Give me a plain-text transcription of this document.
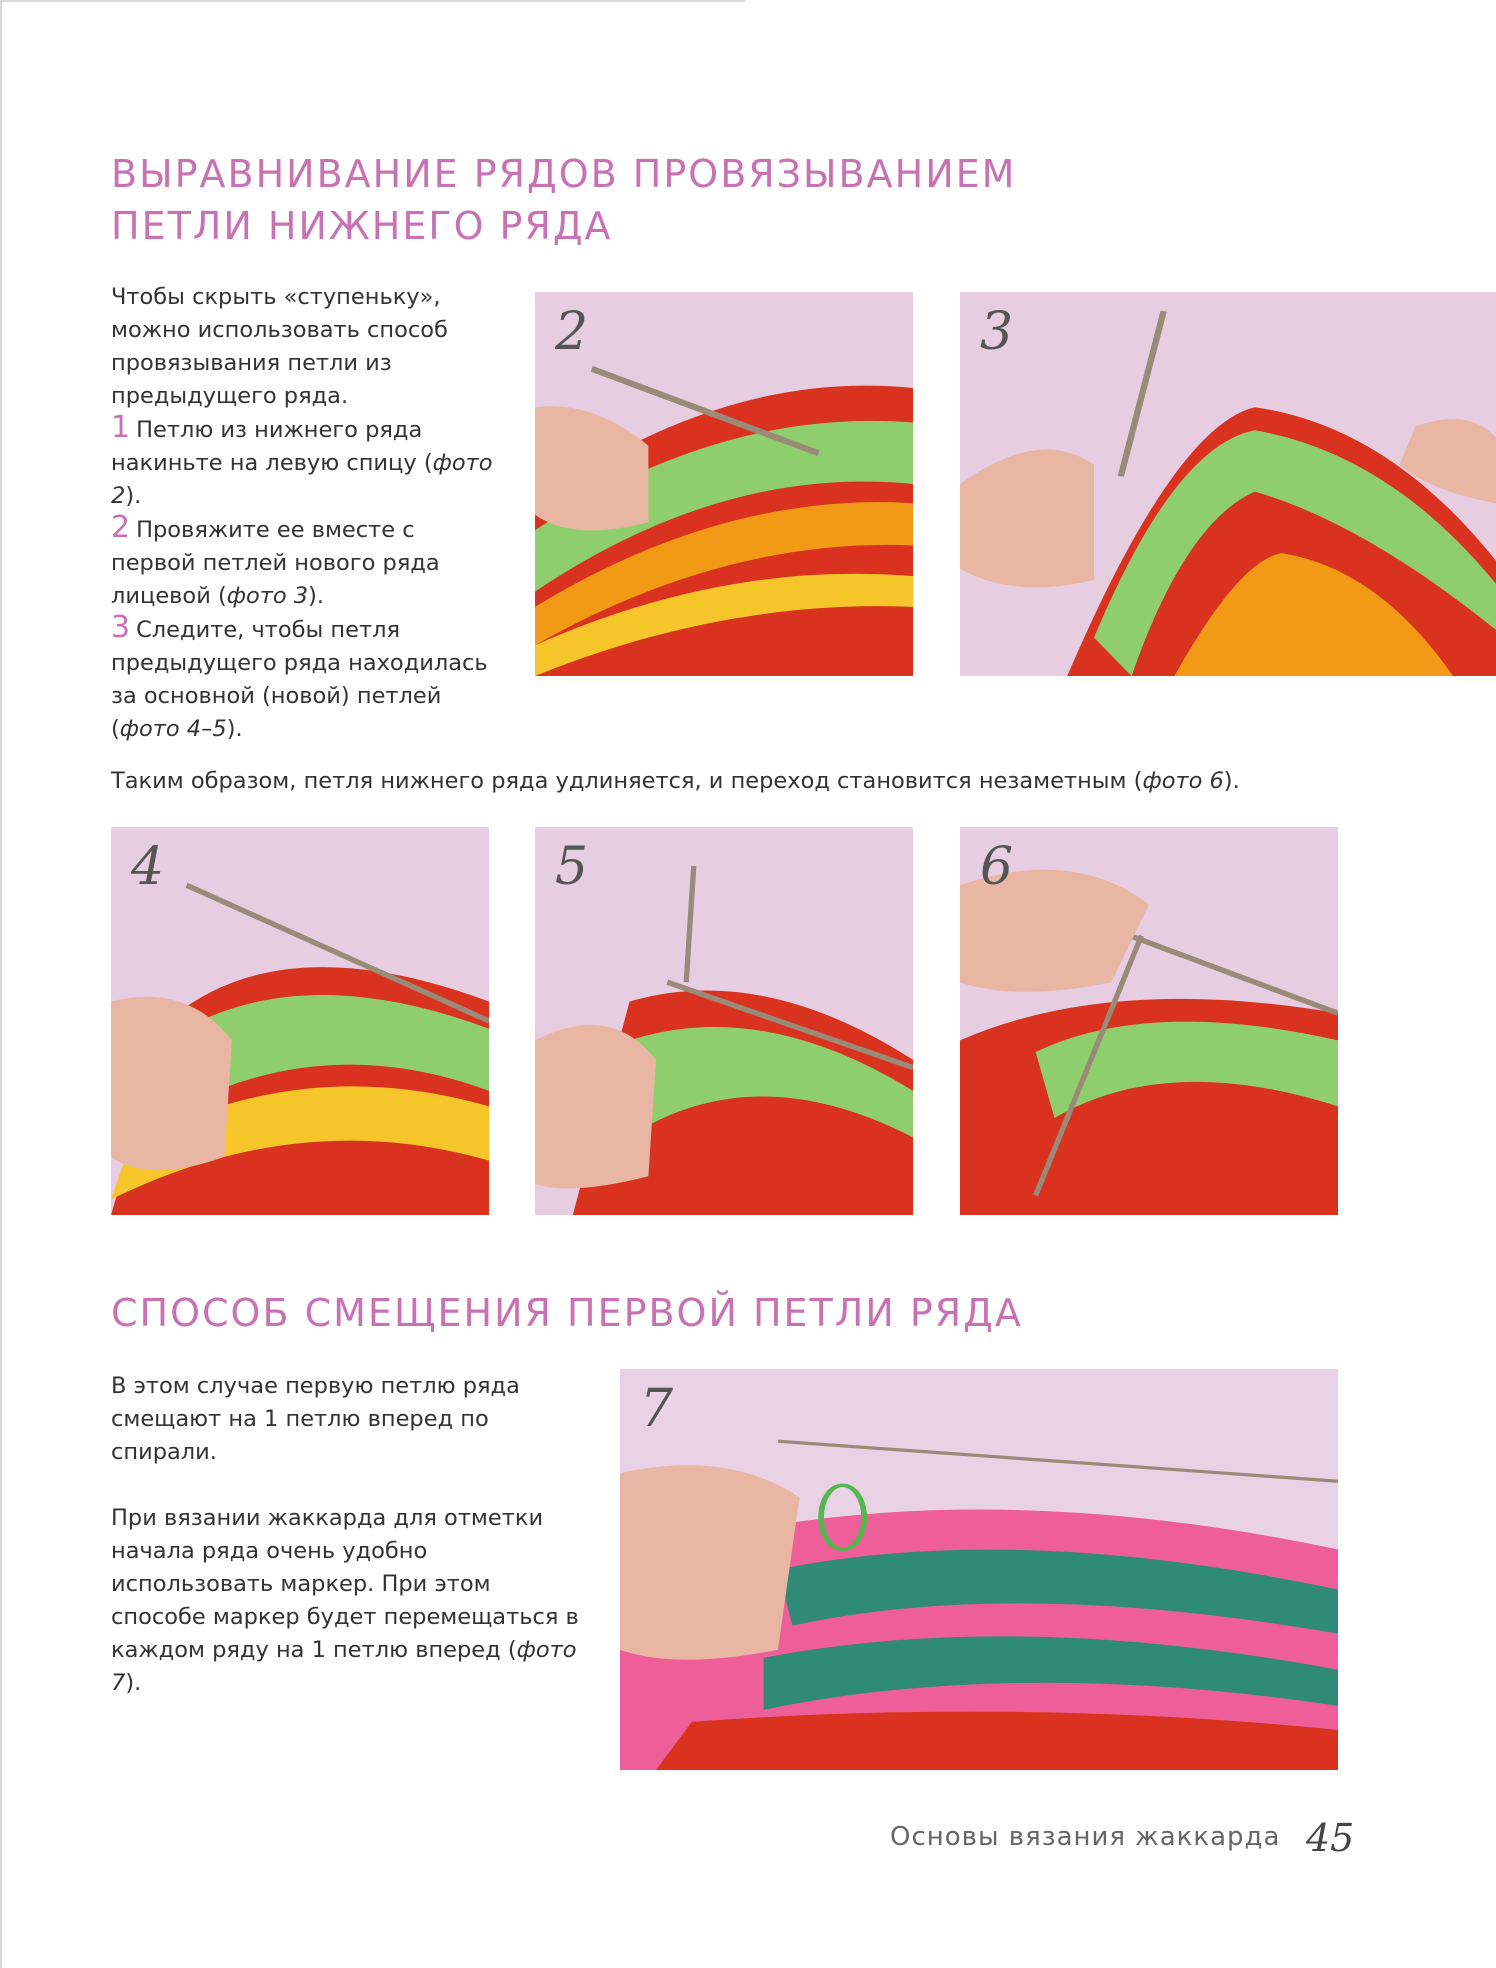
ВЫРАВНИВАНИЕ РЯДОВ ПРОВЯЗЫВАНИЕМ
ПЕТЛИ НИЖНЕГО РЯДА

Чтобы скрыть «ступеньку», можно использовать способ провязывания петли из предыдущего ряда.

1 Петлю из нижнего ряда накиньте на левую спицу (фото 2).

2 Провяжите ее вместе с первой петлей нового ряда лицевой (фото 3).

3 Следите, чтобы петля предыдущего ряда находилась за основной (новой) петлей (фото 4–5).

Таким образом, петля нижнего ряда удлиняется, и переход становится незаметным (фото 6).

2	3
4	5	6
7
СПОСОБ СМЕЩЕНИЯ ПЕРВОЙ ПЕТЛИ РЯДА

В этом случае первую петлю ряда смещают на 1 петлю вперед по спирали.

При вязании жаккарда для отметки начала ряда очень удобно использовать маркер. При этом способе маркер будет перемещаться в каждом ряду на 1 петлю вперед (фото 7).

Основы вязания жаккарда 45
